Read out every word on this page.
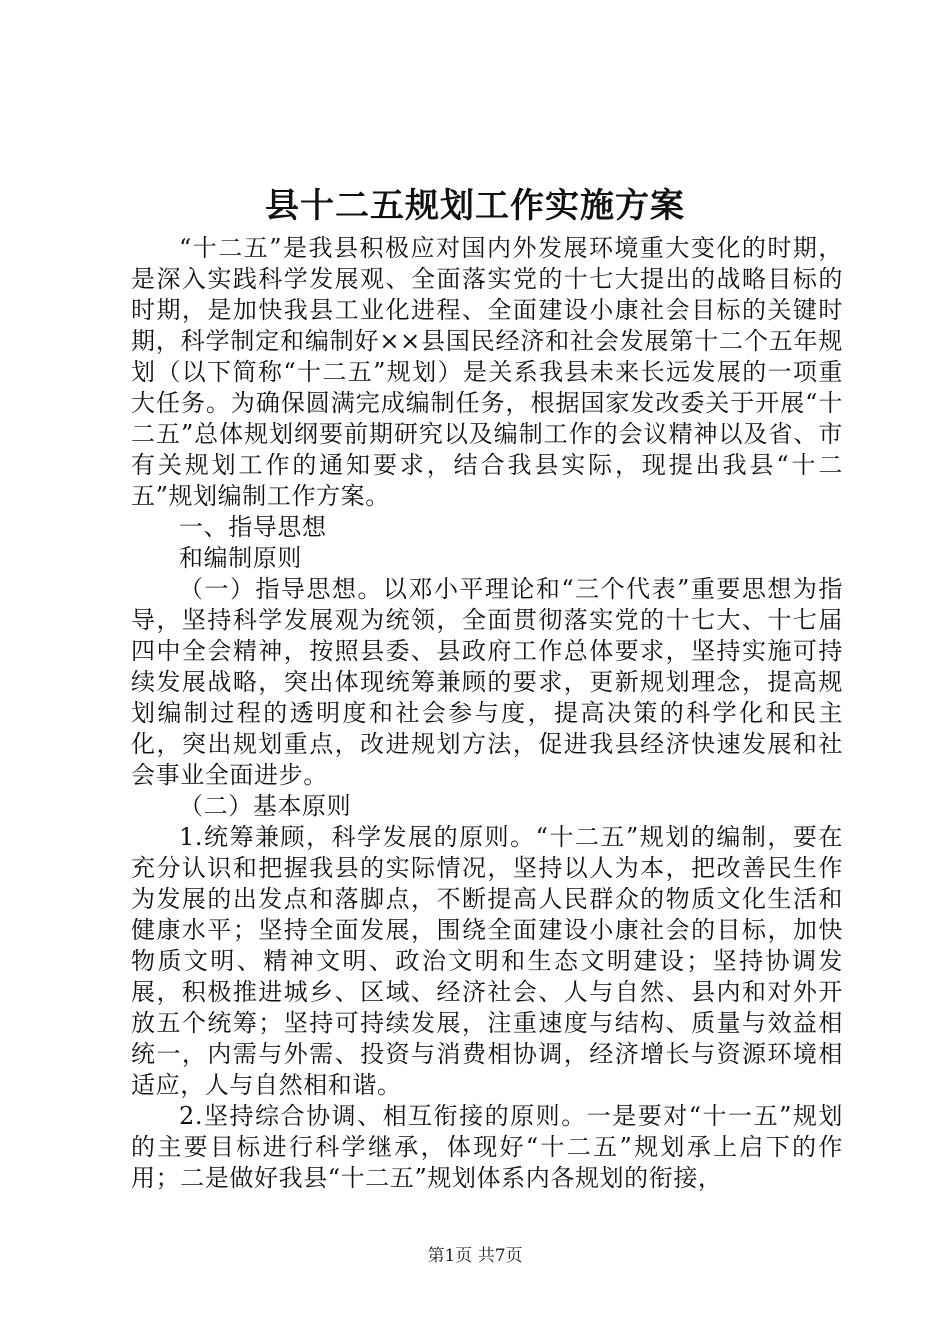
县十二五规划工作实施方案

“十二五”是我县积极应对国内外发展环境重大变化的时期，是深入实践科学发展观、全面落实党的十七大提出的战略目标的时期，是加快我县工业化进程、全面建设小康社会目标的关键时期，科学制定和编制好××县国民经济和社会发展第十二个五年规划（以下简称“十二五”规划）是关系我县未来长远发展的一项重大任务。为确保圆满完成编制任务，根据国家发改委关于开展“十二五”总体规划纲要前期研究以及编制工作的会议精神以及省、市有关规划工作的通知要求，结合我县实际，现提出我县“十二五”规划编制工作方案。

一、指导思想

和编制原则

（一）指导思想。以邓小平理论和“三个代表”重要思想为指导，坚持科学发展观为统领，全面贯彻落实党的十七大、十七届四中全会精神，按照县委、县政府工作总体要求，坚持实施可持续发展战略，突出体现统筹兼顾的要求，更新规划理念，提高规划编制过程的透明度和社会参与度，提高决策的科学化和民主化，突出规划重点，改进规划方法，促进我县经济快速发展和社会事业全面进步。

（二）基本原则

1.统筹兼顾，科学发展的原则。“十二五”规划的编制，要在充分认识和把握我县的实际情况，坚持以人为本，把改善民生作为发展的出发点和落脚点，不断提高人民群众的物质文化生活和健康水平；坚持全面发展，围绕全面建设小康社会的目标，加快物质文明、精神文明、政治文明和生态文明建设；坚持协调发展，积极推进城乡、区域、经济社会、人与自然、县内和对外开放五个统筹；坚持可持续发展，注重速度与结构、质量与效益相统一，内需与外需、投资与消费相协调，经济增长与资源环境相适应，人与自然相和谐。

2.坚持综合协调、相互衔接的原则。一是要对“十一五”规划的主要目标进行科学继承，体现好“十二五”规划承上启下的作用；二是做好我县“十二五”规划体系内各规划的衔接，

第1页 共7页
